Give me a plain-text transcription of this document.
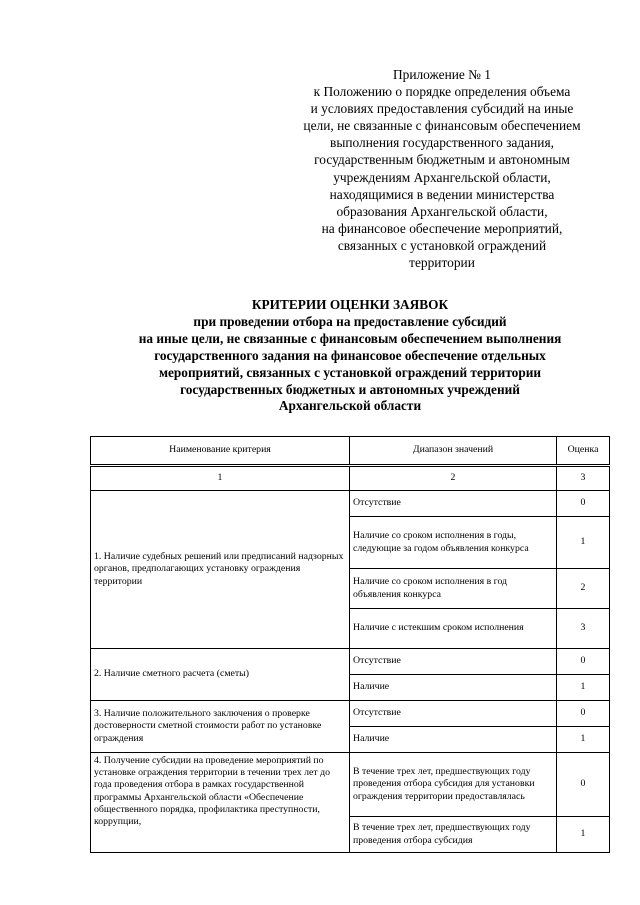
Приложение № 1
к Положению о порядке определения объема
и условиях предоставления субсидий на иные
цели, не связанные с финансовым обеспечением
выполнения государственного задания,
государственным бюджетным и автономным
учреждениям Архангельской области,
находящимися в ведении министерства
образования Архангельской области,
на финансовое обеспечение мероприятий,
связанных с установкой ограждений
территории
КРИТЕРИИ ОЦЕНКИ ЗАЯВОК
при проведении отбора на предоставление субсидий
на иные цели, не связанные с финансовым обеспечением выполнения
государственного задания на финансовое обеспечение отдельных
мероприятий, связанных с установкой ограждений территории
государственных бюджетных и автономных учреждений
Архангельской области
Наименование критерия	Диапазон значений	Оценка
1	2	3
1. Наличие судебных решений или предписаний надзорных органов, предполагающих установку ограждения территории	Отсутствие	0
	Наличие со сроком исполнения в годы, следующие за годом объявления конкурса	1
	Наличие со сроком исполнения в год объявления конкурса	2
	Наличие с истекшим сроком исполнения	3
2. Наличие сметного расчета (сметы)	Отсутствие	0
	Наличие	1
3. Наличие положительного заключения о проверке достоверности сметной стоимости работ по установке ограждения	Отсутствие	0
	Наличие	1
4. Получение субсидии на проведение мероприятий по установке ограждения территории в течении трех лет до года проведения отбора в рамках государственной программы Архангельской области «Обеспечение общественного порядка, профилактика преступности, коррупции,	В течение трех лет, предшествующих году проведения отбора субсидия для установки ограждения территории предоставлялась	0
	В течение трех лет, предшествующих году проведения отбора субсидия	1
